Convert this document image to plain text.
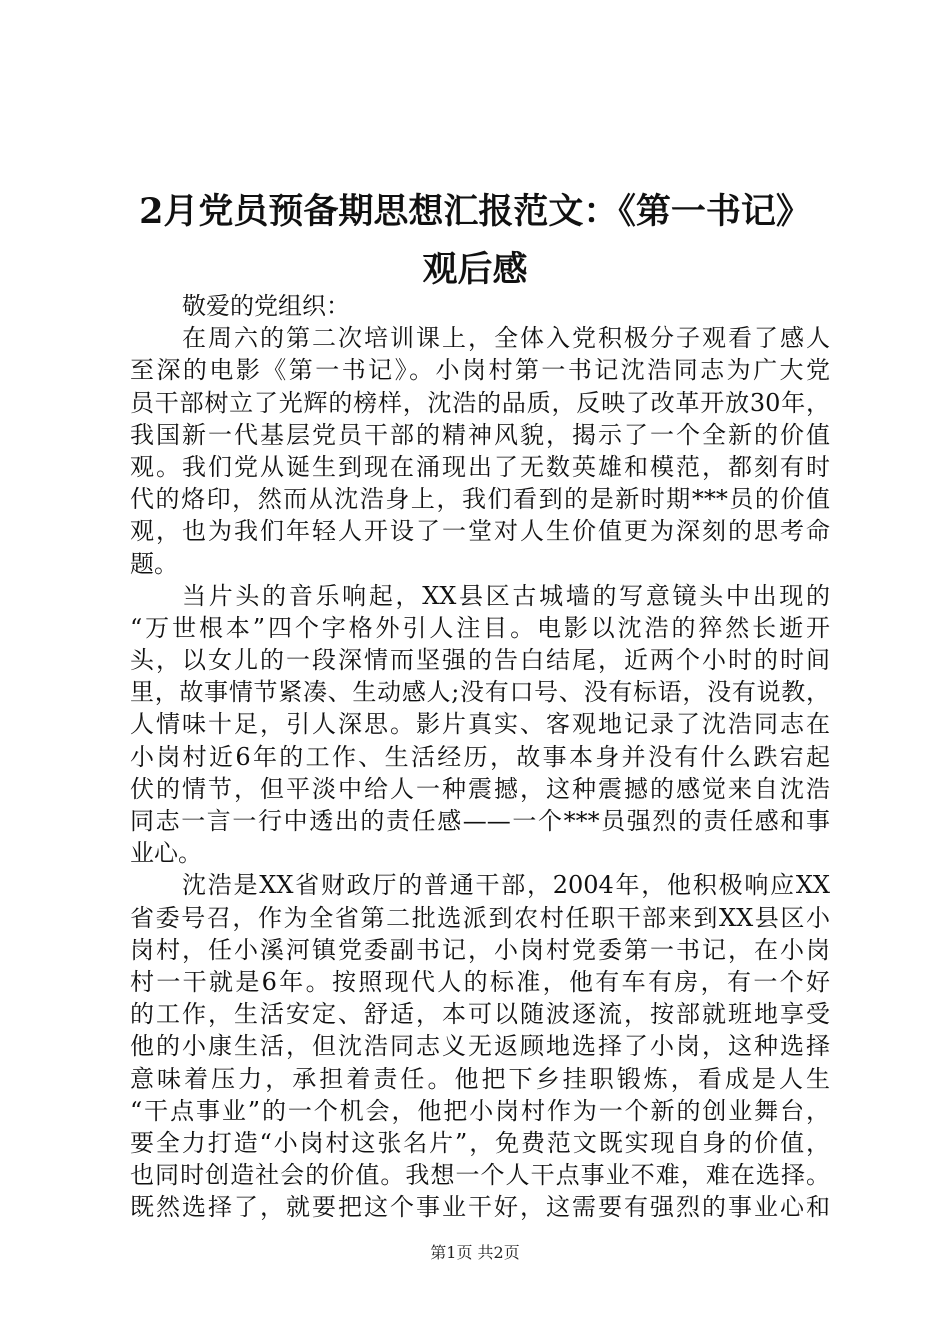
2月党员预备期思想汇报范文：《第一书记》
观后感
敬爱的党组织：
在周六的第二次培训课上，全体入党积极分子观看了感人
至深的电影《第一书记》。小岗村第一书记沈浩同志为广大党
员干部树立了光辉的榜样，沈浩的品质，反映了改革开放30年，
我国新一代基层党员干部的精神风貌，揭示了一个全新的价值
观。我们党从诞生到现在涌现出了无数英雄和模范，都刻有时
代的烙印，然而从沈浩身上，我们看到的是新时期***员的价值
观，也为我们年轻人开设了一堂对人生价值更为深刻的思考命
题。
当片头的音乐响起，XX县区古城墙的写意镜头中出现的
“万世根本”四个字格外引人注目。电影以沈浩的猝然长逝开
头，以女儿的一段深情而坚强的告白结尾，近两个小时的时间
里，故事情节紧凑、生动感人;没有口号、没有标语，没有说教，
人情味十足，引人深思。影片真实、客观地记录了沈浩同志在
小岗村近6年的工作、生活经历，故事本身并没有什么跌宕起
伏的情节，但平淡中给人一种震撼，这种震撼的感觉来自沈浩
同志一言一行中透出的责任感——一个***员强烈的责任感和事
业心。
沈浩是XX省财政厅的普通干部，2004年，他积极响应XX
省委号召，作为全省第二批选派到农村任职干部来到XX县区小
岗村，任小溪河镇党委副书记，小岗村党委第一书记，在小岗
村一干就是6年。按照现代人的标准，他有车有房，有一个好
的工作，生活安定、舒适，本可以随波逐流，按部就班地享受
他的小康生活，但沈浩同志义无返顾地选择了小岗，这种选择
意味着压力，承担着责任。他把下乡挂职锻炼，看成是人生
“干点事业”的一个机会，他把小岗村作为一个新的创业舞台，
要全力打造“小岗村这张名片”，免费范文既实现自身的价值，
也同时创造社会的价值。我想一个人干点事业不难，难在选择。
既然选择了，就要把这个事业干好，这需要有强烈的事业心和
第1页 共2页
